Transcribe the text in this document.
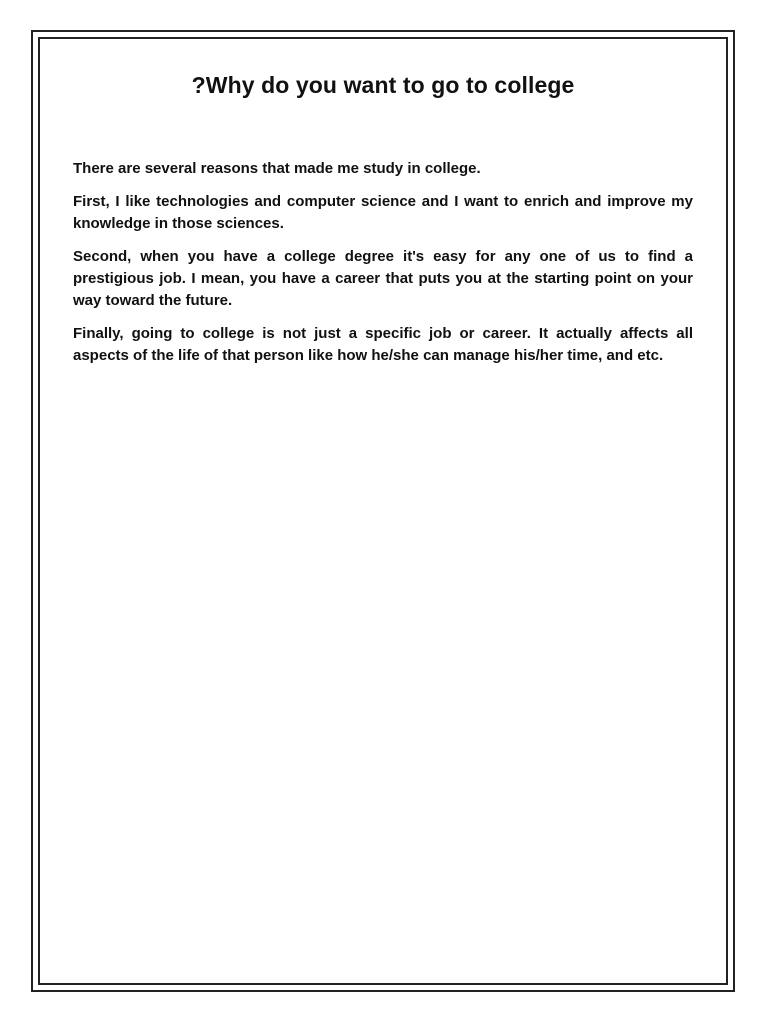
?Why do you want to go to college

There are several reasons that made me study in college.

First, I like technologies and computer science and I want to enrich and improve my knowledge in those sciences.

Second, when you have a college degree it's easy for any one of us to find a prestigious job. I mean, you have a career that puts you at the starting point on your way toward the future.

Finally, going to college is not just a specific job or career. It actually affects all aspects of the life of that person like how he/she can manage his/her time, and etc.
